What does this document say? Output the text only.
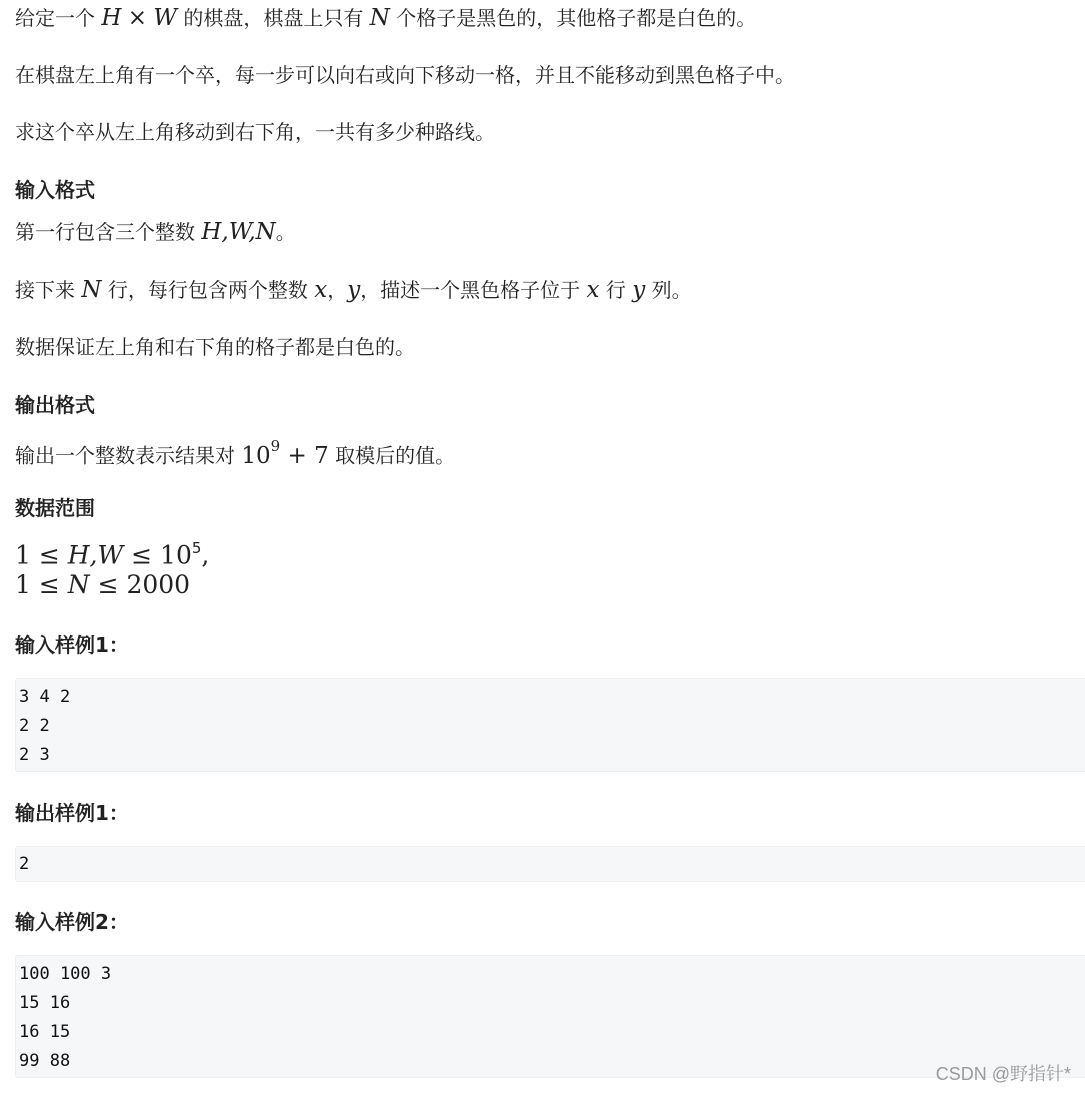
给定一个 H × W 的棋盘，棋盘上只有 N 个格子是黑色的，其他格子都是白色的。
在棋盘左上角有一个卒，每一步可以向右或向下移动一格，并且不能移动到黑色格子中。
求这个卒从左上角移动到右下角，一共有多少种路线。
输入格式
第一行包含三个整数 H,W,N。
接下来 N 行，每行包含两个整数 x，y，描述一个黑色格子位于 x 行 y 列。
数据保证左上角和右下角的格子都是白色的。
输出格式
输出一个整数表示结果对 $10^9 + 7$ 取模后的值。
数据范围
$1 \le H,W \le 10^5$,
1 ≤ N ≤ 2000
输入样例1：
3 4 2
2 2
2 3
输出样例1：
2
输入样例2：
100 100 3
15 16
16 15
99 88
CSDN @野指针*
